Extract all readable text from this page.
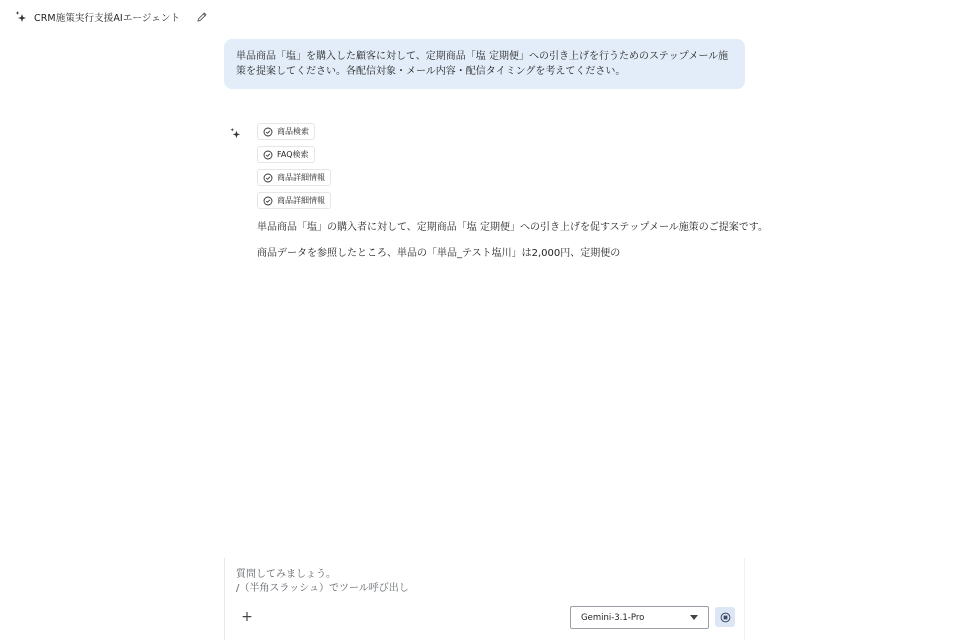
CRM施策実行支援AIエージェント
単品商品「塩」を購入した顧客に対して、定期商品「塩 定期便」への引き上げを行うためのステップメール施策を提案してください。各配信対象・メール内容・配信タイミングを考えてください。
商品検索
FAQ検索
商品詳細情報
商品詳細情報
単品商品「塩」の購入者に対して、定期商品「塩 定期便」への引き上げを促すステップメール施策のご提案です。
商品データを参照したところ、単品の「単品_テスト塩川」は2,000円、定期便の
質問してみましょう。
/（半角スラッシュ）でツール呼び出し
+	Gemini-3.1-Pro
